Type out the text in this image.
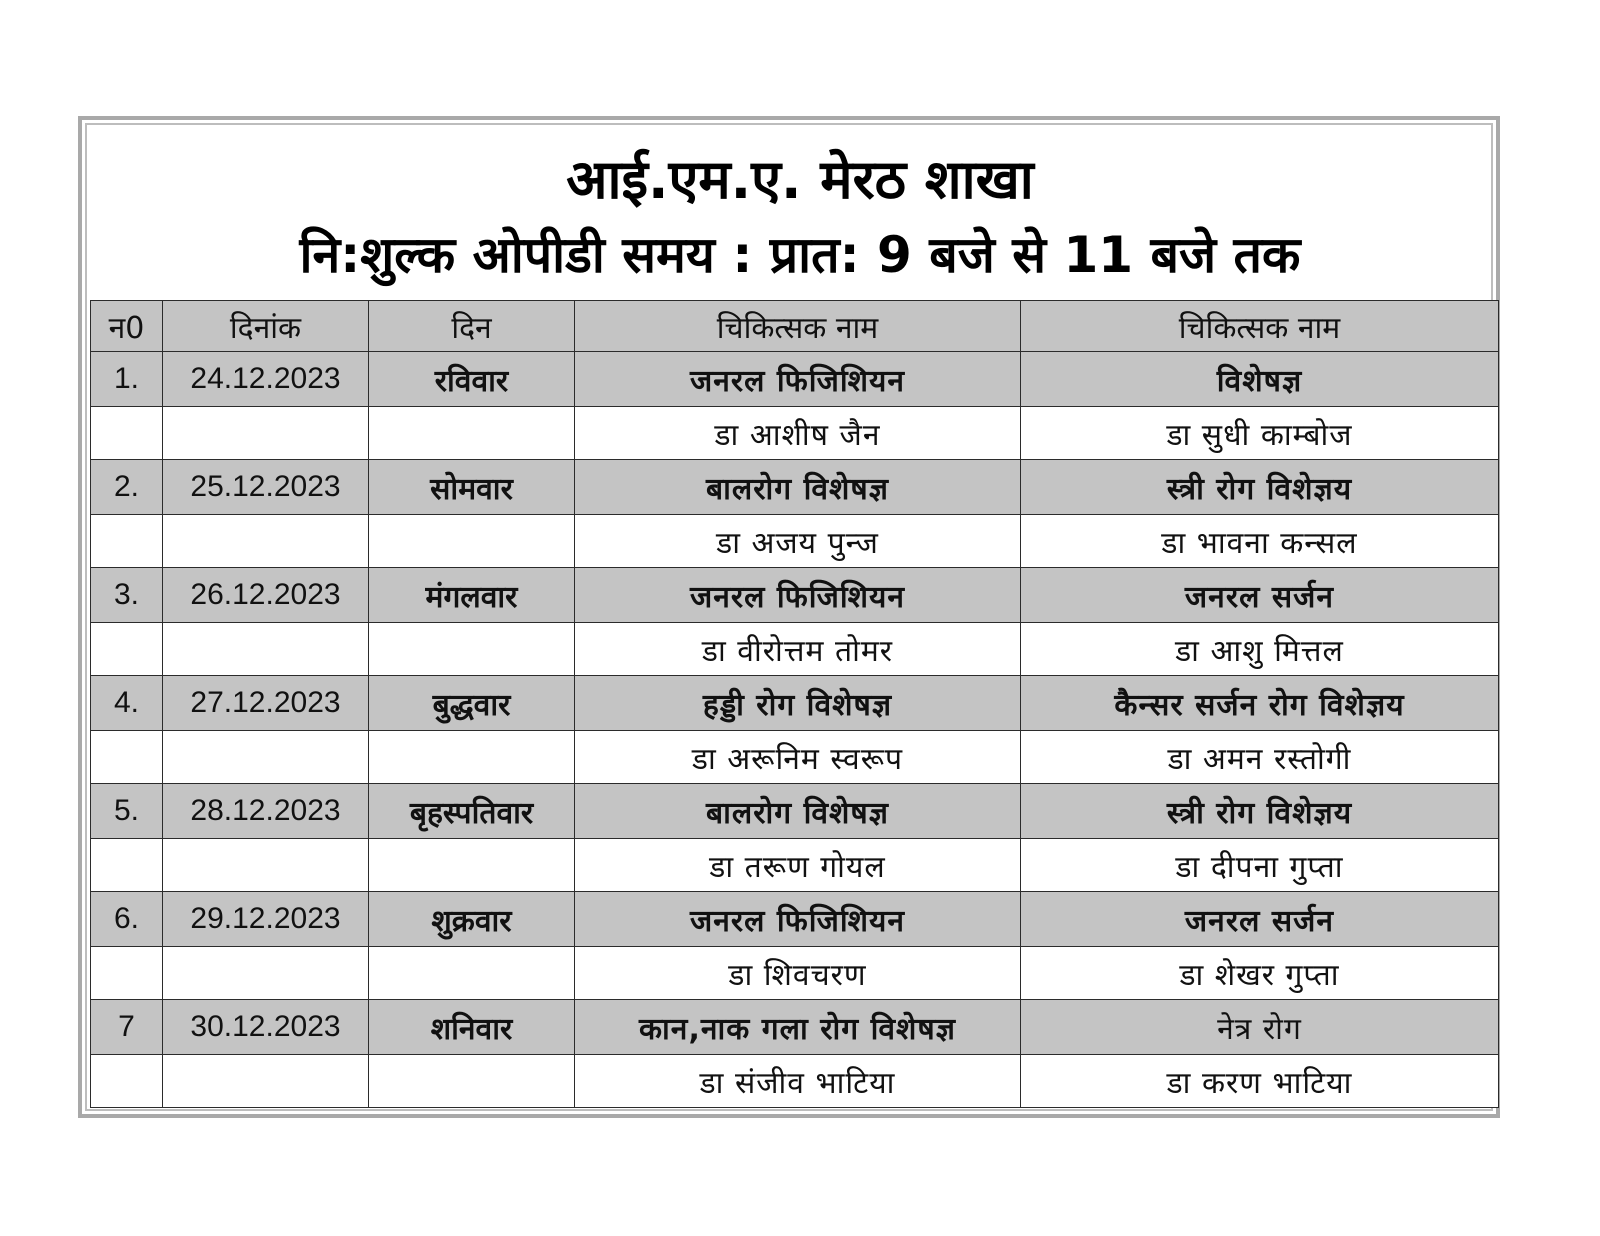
आई.एम.ए. मेरठ शाखा
नि:शुल्क ओपीडी समय : प्रात: 9 बजे से 11 बजे तक
न0	दिनांक	दिन	चिकित्सक नाम	चिकित्सक नाम
1.	24.12.2023	रविवार	जनरल फिजिशियन	विशेषज्ञ
			डा आशीष जैन	डा सुधी काम्बोज
2.	25.12.2023	सोमवार	बालरोग विशेषज्ञ	स्त्री रोग विशेज्ञय
			डा अजय पुन्ज	डा भावना कन्सल
3.	26.12.2023	मंगलवार	जनरल फिजिशियन	जनरल सर्जन
			डा वीरोत्तम तोमर	डा आशु मित्तल
4.	27.12.2023	बुद्धवार	हड्डी रोग विशेषज्ञ	कैन्सर सर्जन रोग विशेज्ञय
			डा अरूनिम स्वरूप	डा अमन रस्तोगी
5.	28.12.2023	बृहस्पतिवार	बालरोग विशेषज्ञ	स्त्री रोग विशेज्ञय
			डा तरूण गोयल	डा दीपना गुप्ता
6.	29.12.2023	शुक्रवार	जनरल फिजिशियन	जनरल सर्जन
			डा शिवचरण	डा शेखर गुप्ता
7	30.12.2023	शनिवार	कान,नाक गला रोग विशेषज्ञ	नेत्र रोग
			डा संजीव भाटिया	डा करण भाटिया
